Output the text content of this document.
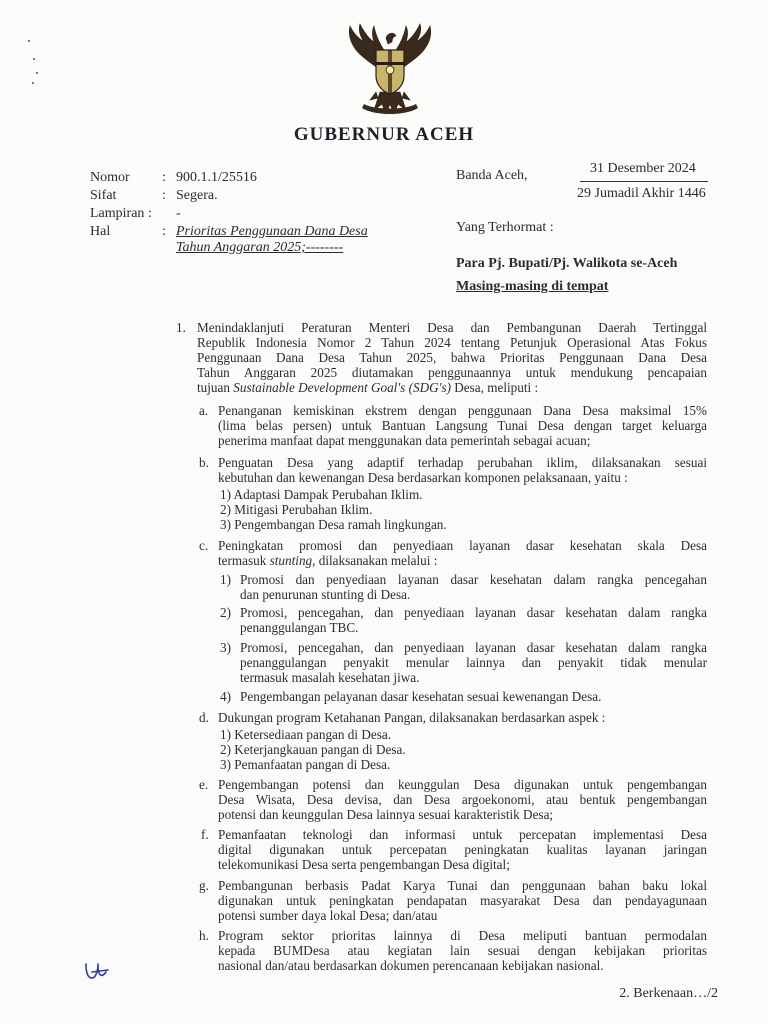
GUBERNUR ACEH
Nomor : 900.1.1/25516
Sifat	: Segera.
Lampiran : -
Hal	: Prioritas Penggunaan Dana Desa
Tahun Anggaran 2025;--------
Banda Aceh,	31 Desember 2024
29 Jumadil Akhir 1446
Yang Terhormat :
Para Pj. Bupati/Pj. Walikota se-Aceh
Masing-masing di tempat
1. Menindaklanjuti Peraturan Menteri Desa dan Pembangunan Daerah Tertinggal
Republik Indonesia Nomor 2 Tahun 2024 tentang Petunjuk Operasional Atas Fokus
Penggunaan Dana Desa Tahun 2025, bahwa Prioritas Penggunaan Dana Desa
Tahun Anggaran 2025 diutamakan penggunaannya untuk mendukung pencapaian
tujuan Sustainable Development Goal's (SDG's) Desa, meliputi :
a. Penanganan kemiskinan ekstrem dengan penggunaan Dana Desa maksimal 15%
(lima belas persen) untuk Bantuan Langsung Tunai Desa dengan target keluarga
penerima manfaat dapat menggunakan data pemerintah sebagai acuan;
b. Penguatan Desa yang adaptif terhadap perubahan iklim, dilaksanakan sesuai
kebutuhan dan kewenangan Desa berdasarkan komponen pelaksanaan, yaitu :
1) Adaptasi Dampak Perubahan Iklim.
2) Mitigasi Perubahan Iklim.
3) Pengembangan Desa ramah lingkungan.
c. Peningkatan promosi dan penyediaan layanan dasar kesehatan skala Desa
termasuk stunting, dilaksanakan melalui :
1) Promosi dan penyediaan layanan dasar kesehatan dalam rangka pencegahan
dan penurunan stunting di Desa.
2) Promosi, pencegahan, dan penyediaan layanan dasar kesehatan dalam rangka
penanggulangan TBC.
3) Promosi, pencegahan, dan penyediaan layanan dasar kesehatan dalam rangka
penanggulangan penyakit menular lainnya dan penyakit tidak menular
termasuk masalah kesehatan jiwa.
4) Pengembangan pelayanan dasar kesehatan sesuai kewenangan Desa.
d. Dukungan program Ketahanan Pangan, dilaksanakan berdasarkan aspek :
1) Ketersediaan pangan di Desa.
2) Keterjangkauan pangan di Desa.
3) Pemanfaatan pangan di Desa.
e. Pengembangan potensi dan keunggulan Desa digunakan untuk pengembangan
Desa Wisata, Desa devisa, dan Desa argoekonomi, atau bentuk pengembangan
potensi dan keunggulan Desa lainnya sesuai karakteristik Desa;
f. Pemanfaatan teknologi dan informasi untuk percepatan implementasi Desa
digital digunakan untuk percepatan peningkatan kualitas layanan jaringan
telekomunikasi Desa serta pengembangan Desa digital;
g. Pembangunan berbasis Padat Karya Tunai dan penggunaan bahan baku lokal
digunakan untuk peningkatan pendapatan masyarakat Desa dan pendayagunaan
potensi sumber daya lokal Desa; dan/atau
h. Program sektor prioritas lainnya di Desa meliputi bantuan permodalan
kepada BUMDesa atau kegiatan lain sesuai dengan kebijakan prioritas
nasional dan/atau berdasarkan dokumen perencanaan kebijakan nasional.
2. Berkenaan…/2
